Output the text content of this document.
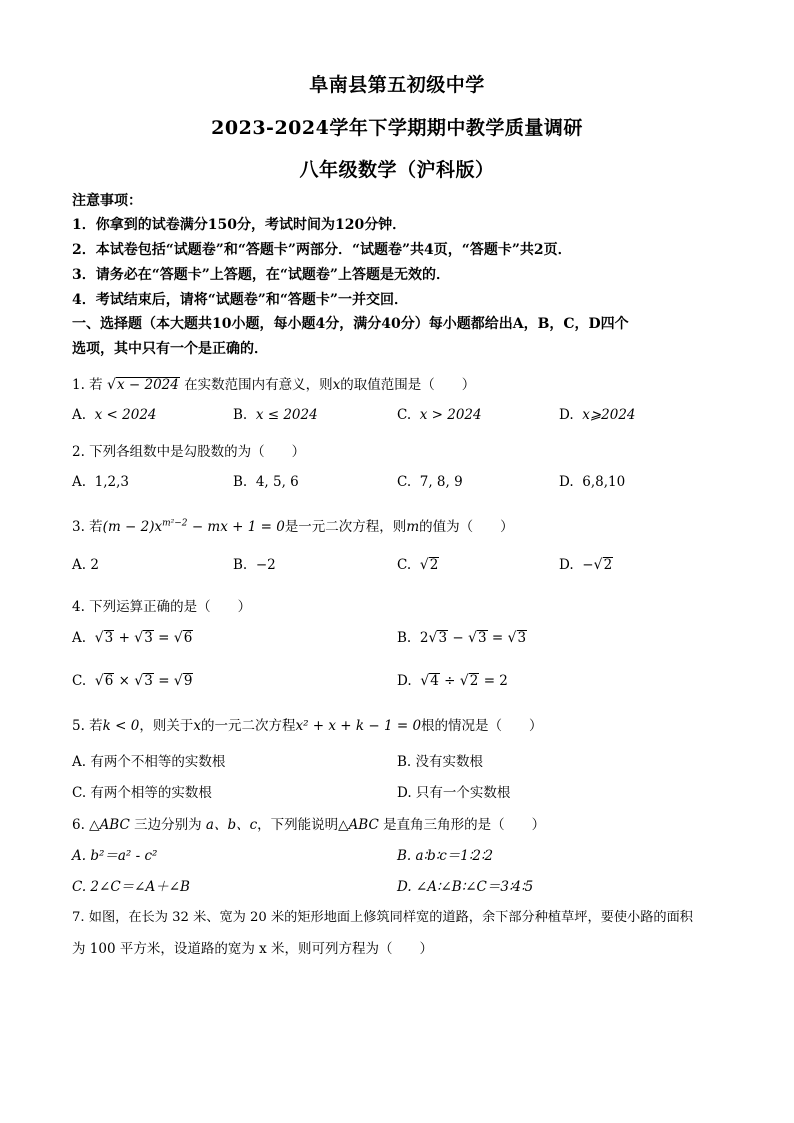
阜南县第五初级中学
2023-2024学年下学期期中教学质量调研
八年级数学（沪科版）
注意事项：
1．你拿到的试卷满分150分，考试时间为120分钟．
2．本试卷包括“试题卷”和“答题卡”两部分．“试题卷”共4页，“答题卡”共2页．
3．请务必在“答题卡”上答题，在“试题卷”上答题是无效的．
4．考试结束后，请将“试题卷”和“答题卡”一并交回．
一、选择题（本大题共10小题，每小题4分，满分40分）每小题都给出A，B，C，D四个
选项，其中只有一个是正确的．
1. 若 √x − 2024 在实数范围内有意义，则x的取值范围是（　　）
A. x < 2024	B. x ≤ 2024	C. x > 2024	D. x⩾2024
2. 下列各组数中是勾股数的为（　　）
A. 1,2,3	B. 4, 5, 6	C. 7, 8, 9	D. 6,8,10
3. 若$(m - 2)x^{m^2-2}$ − mx + 1 = 0是一元二次方程，则m的值为（　　）
A. 2	B. −2	C. √2	D. −√2
4. 下列运算正确的是（　　）
A. √3 + √3 = √6	B. 2√3 − √3 = √3
C. √6 × √3 = √9	D. √4 ÷ √2 = 2
5. 若k < 0，则关于x的一元二次方程x² + x + k − 1 = 0根的情况是（　　）
A. 有两个不相等的实数根	B. 没有实数根
C. 有两个相等的实数根	D. 只有一个实数根
6. △ABC 三边分别为 a、b、c，下列能说明△ABC 是直角三角形的是（　　）
A. b²＝a² - c²	B. a∶b∶c＝1∶2∶2
C. 2∠C＝∠A＋∠B	D. ∠A∶∠B∶∠C＝3∶4∶5
7. 如图，在长为 32 米、宽为 20 米的矩形地面上修筑同样宽的道路，余下部分种植草坪，要使小路的面积
为 100 平方米，设道路的宽为 x 米，则可列方程为（　　）
